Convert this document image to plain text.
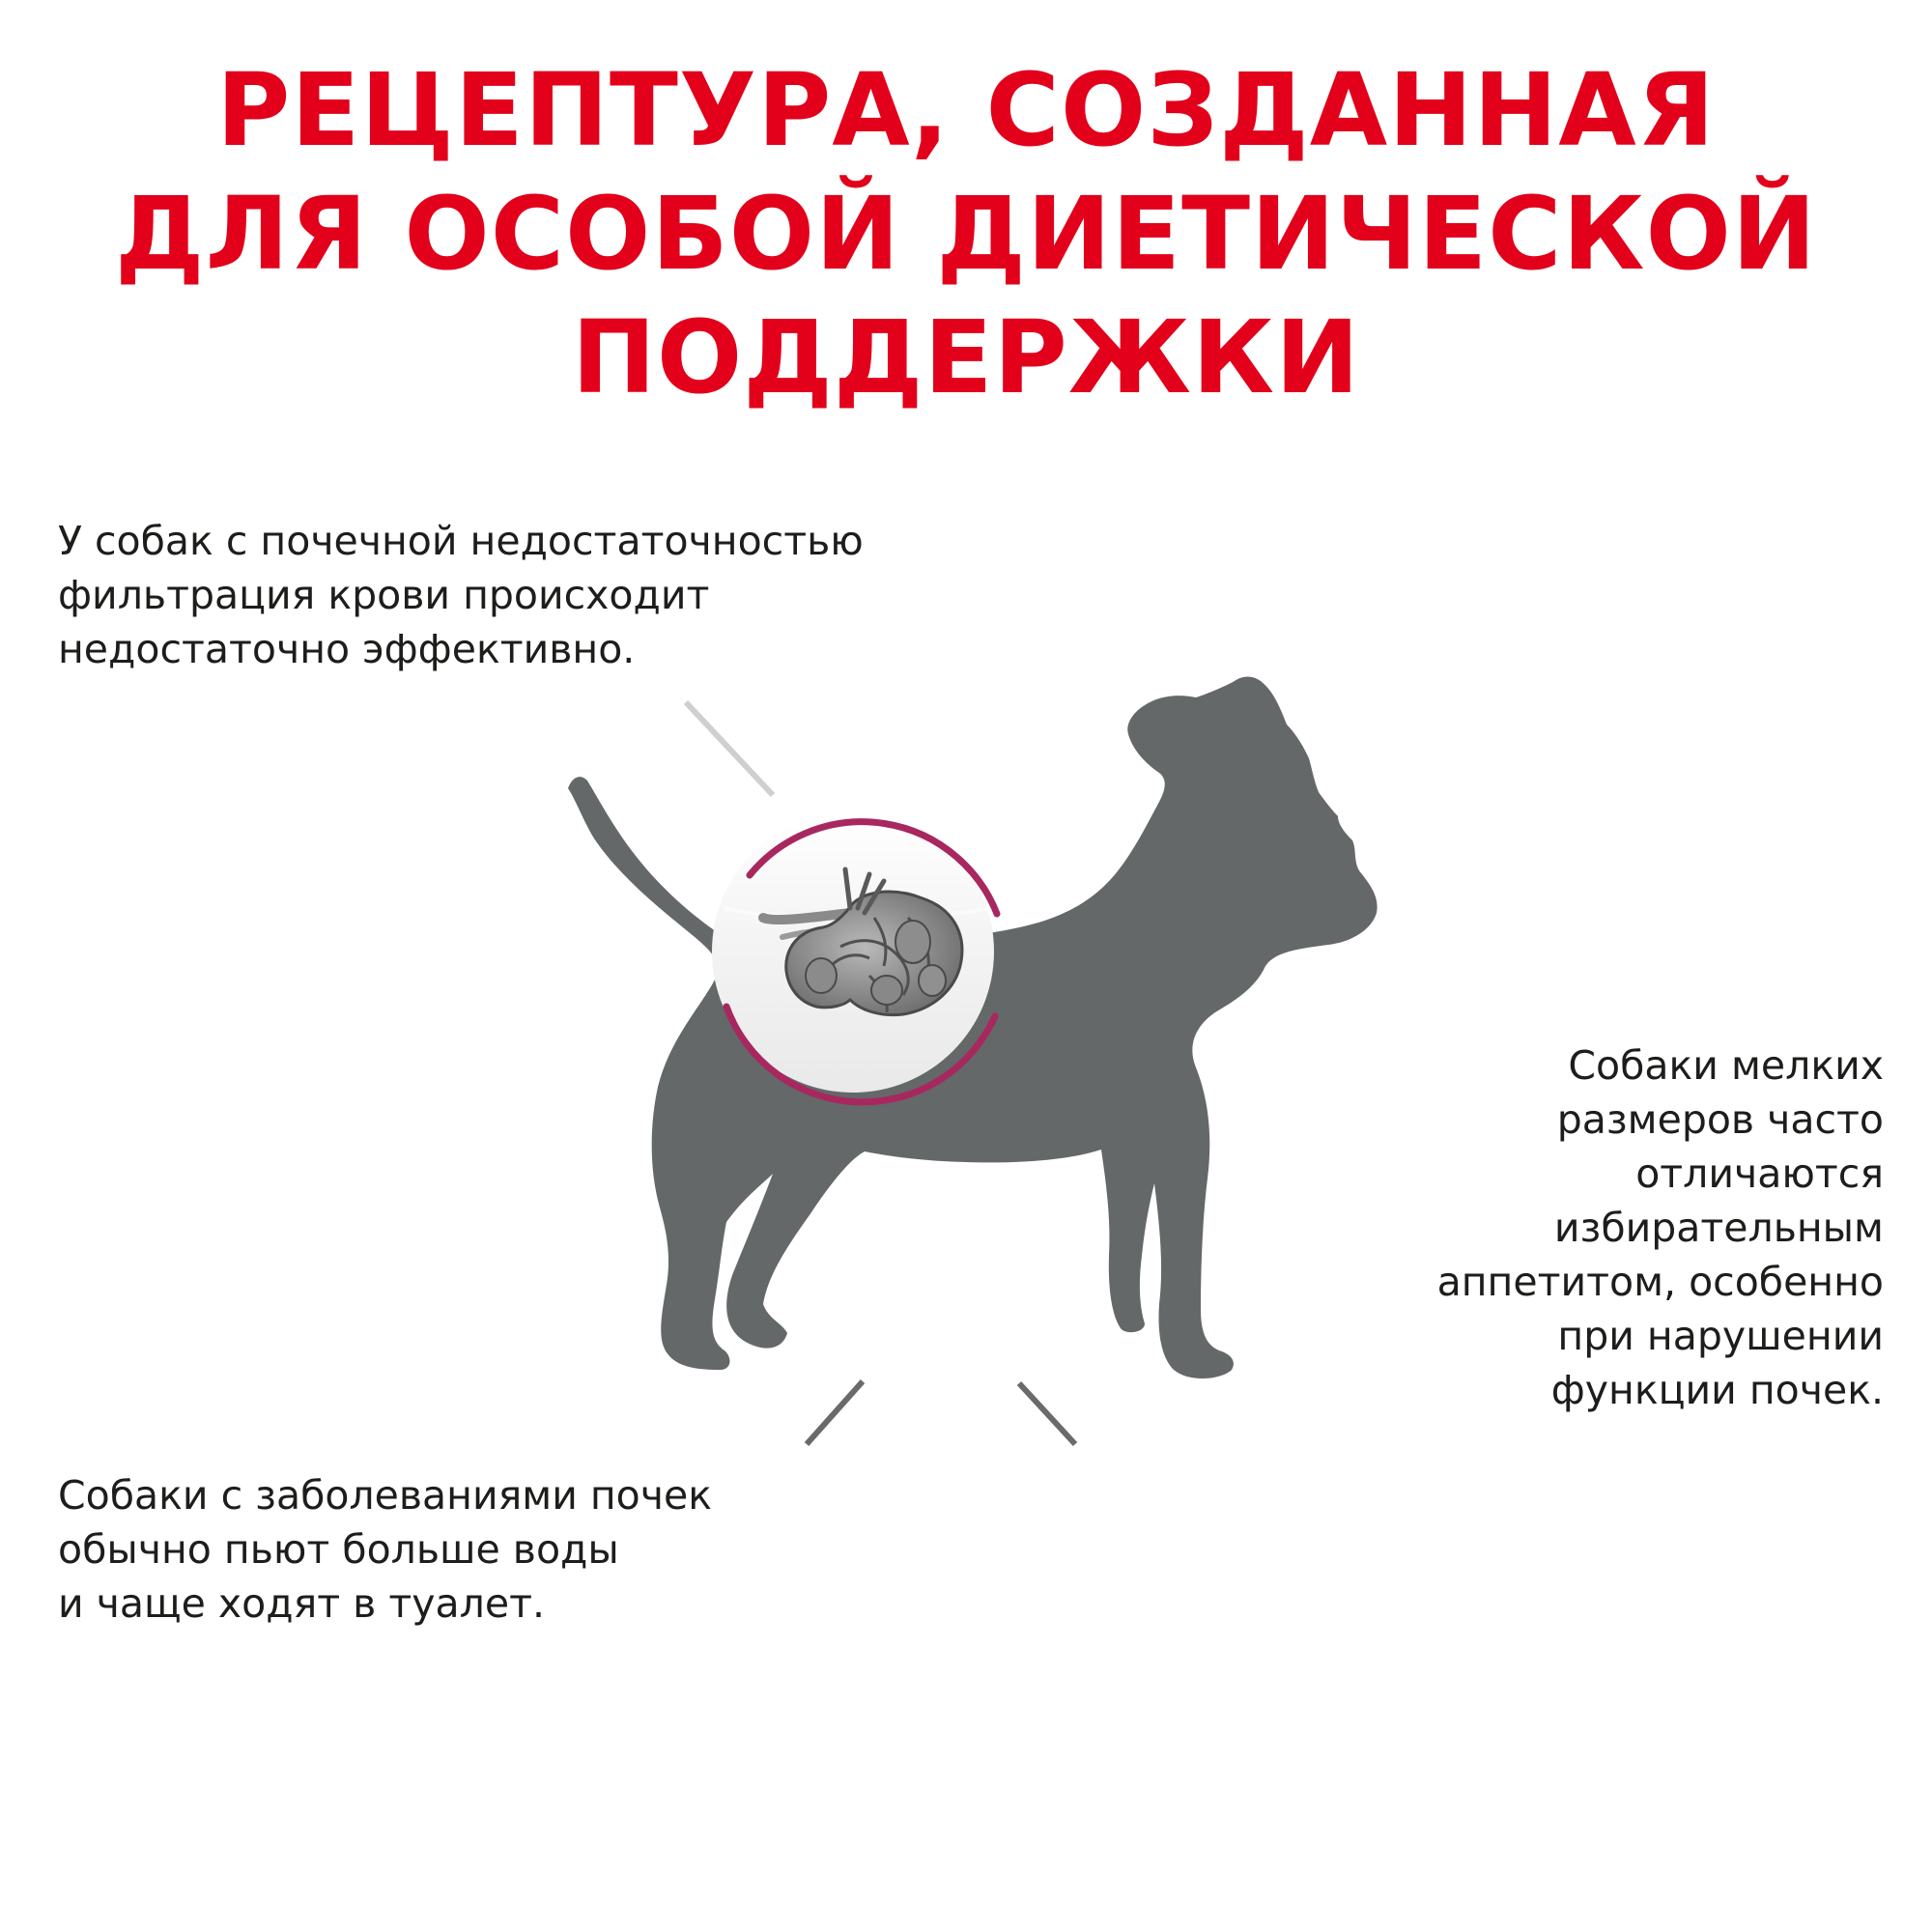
РЕЦЕПТУРА, СОЗДАННАЯ
ДЛЯ ОСОБОЙ ДИЕТИЧЕСКОЙ
ПОДДЕРЖКИ
У собак с почечной недостаточностью
фильтрация крови происходит
недостаточно эффективно.
Собаки с заболеваниями почек
обычно пьют больше воды
и чаще ходят в туалет.
Собаки мелких
размеров часто
отличаются
избирательным
аппетитом, особенно
при нарушении
функции почек.
